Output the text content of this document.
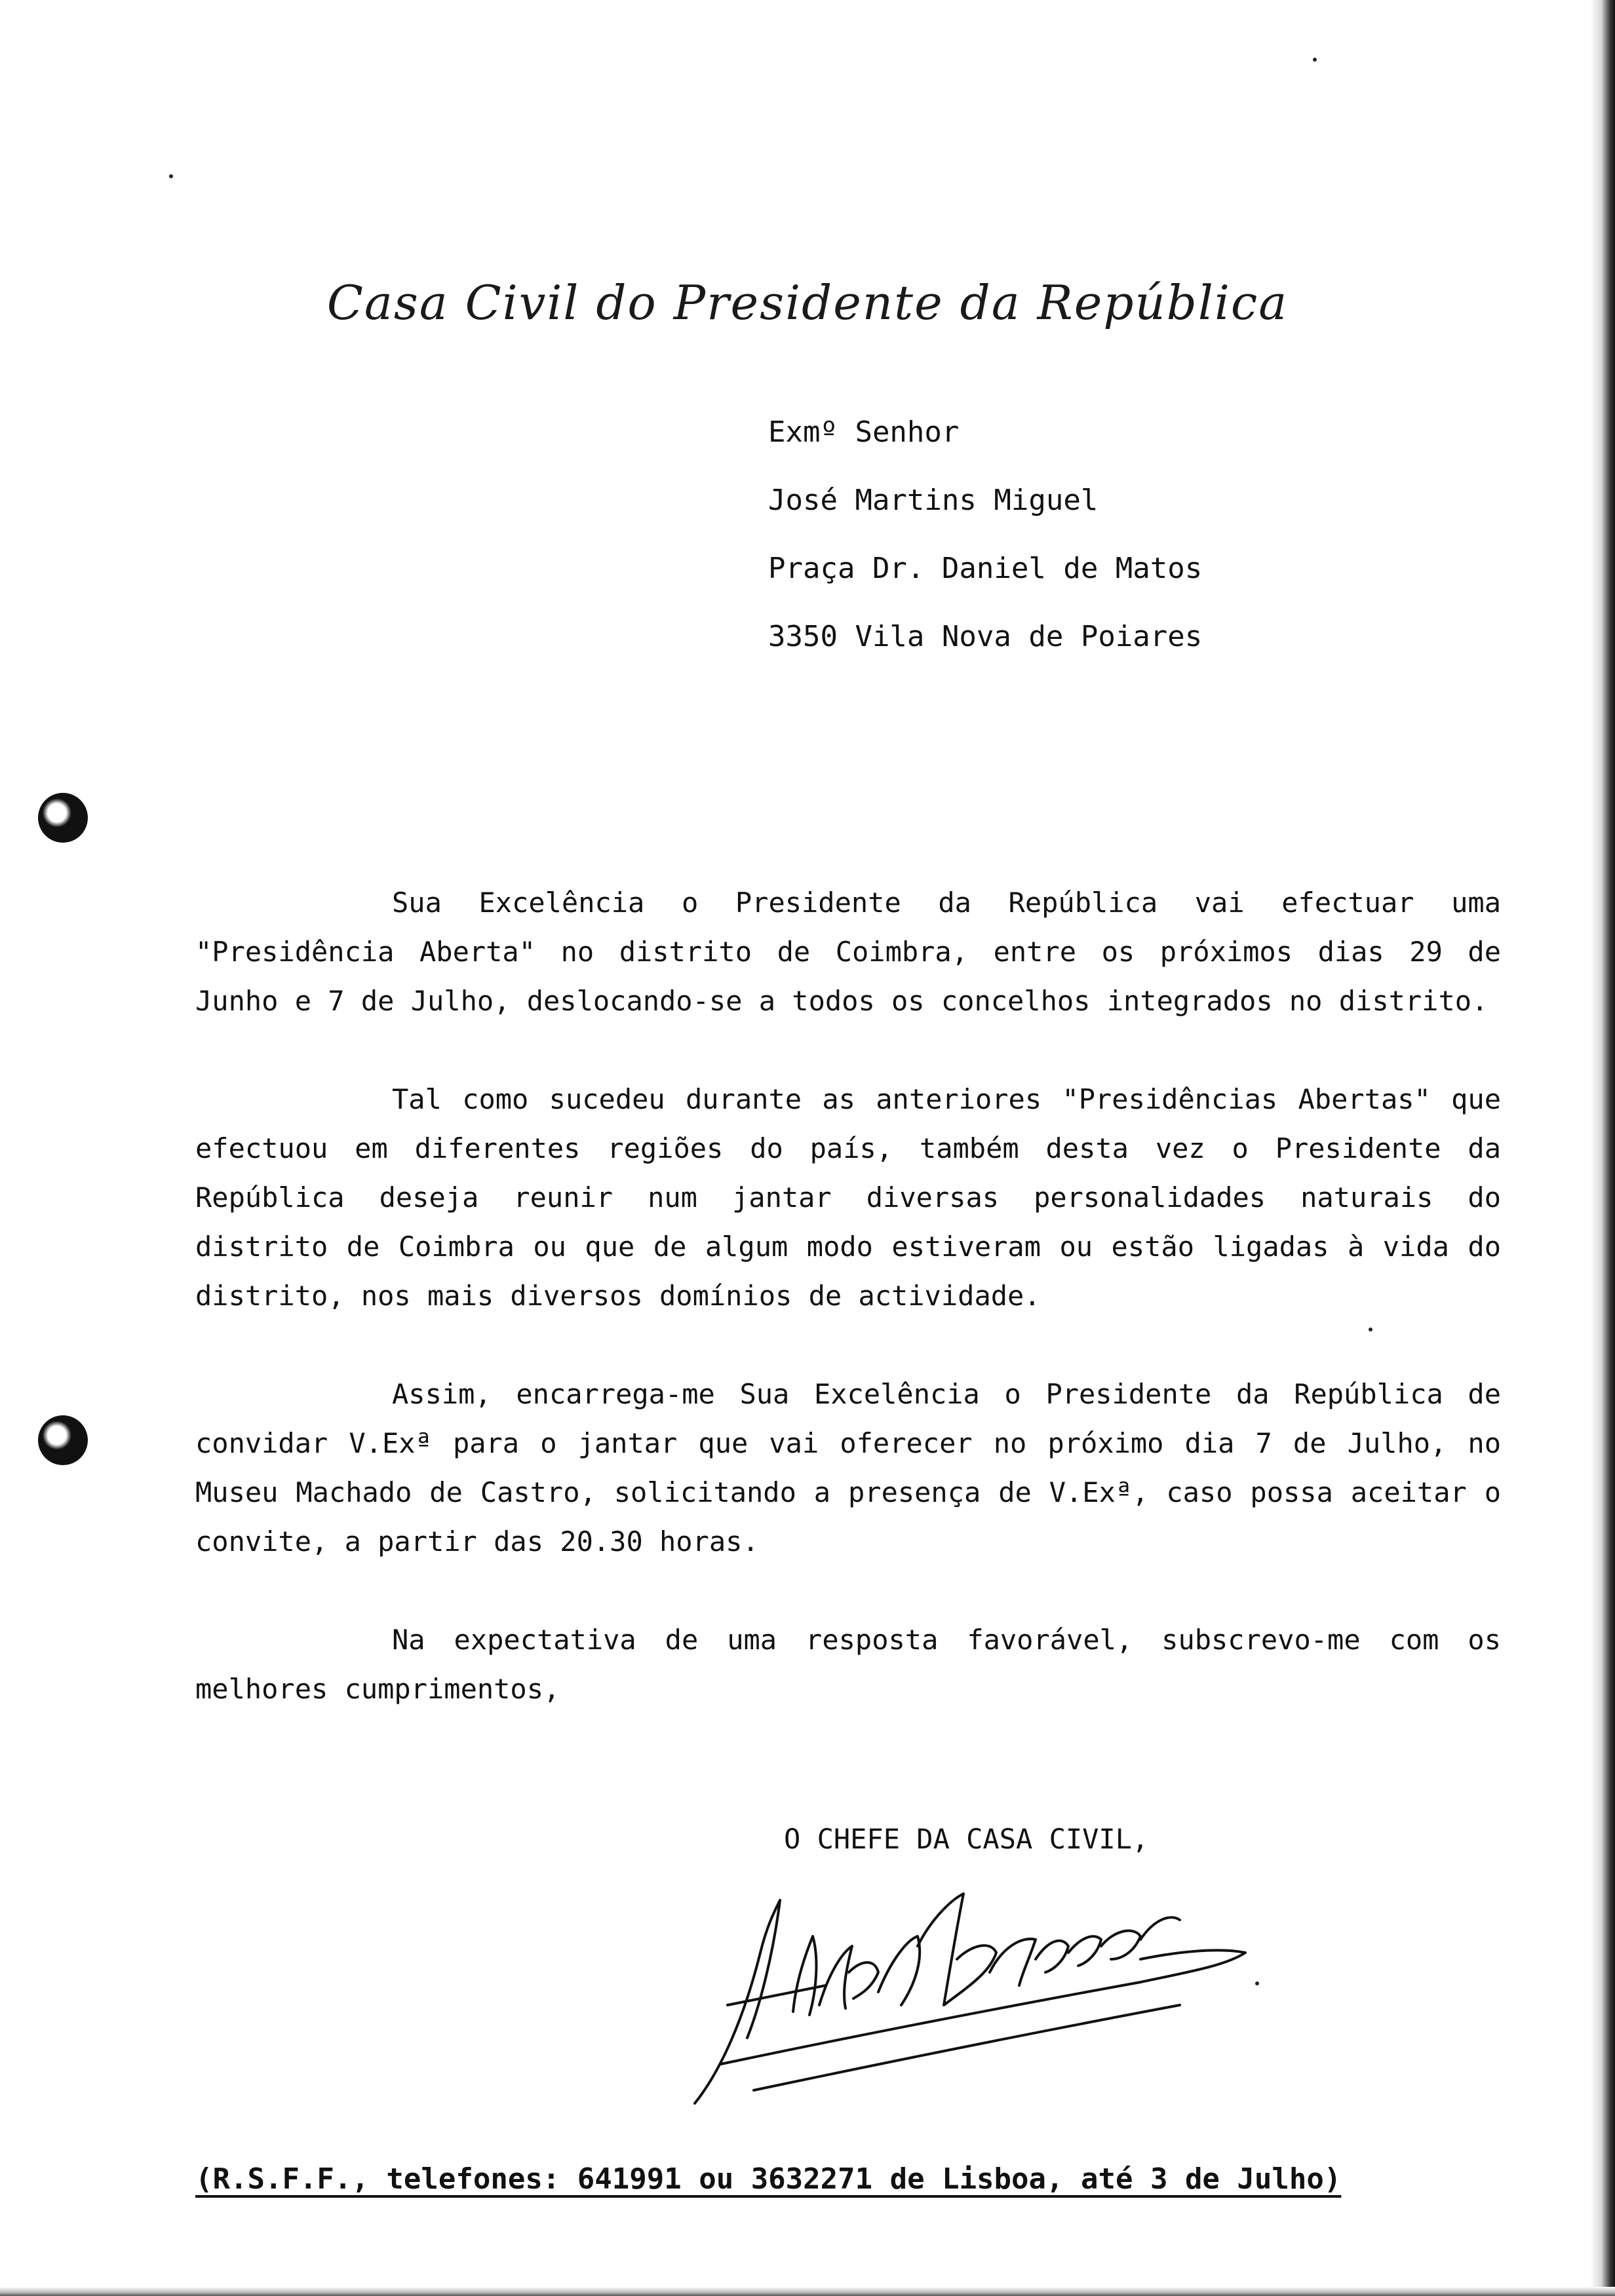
Casa Civil do Presidente da República
Exmº Senhor
José Martins Miguel
Praça Dr. Daniel de Matos
3350 Vila Nova de Poiares

Sua Excelência o Presidente da República vai efectuar uma "Presidência Aberta" no distrito de Coimbra, entre os próximos dias 29 de Junho e 7 de Julho, deslocando-se a todos os concelhos integrados no distrito.

Tal como sucedeu durante as anteriores "Presidências Abertas" que efectuou em diferentes regiões do país, também desta vez o Presidente da República deseja reunir num jantar diversas personalidades naturais do distrito de Coimbra ou que de algum modo estiveram ou estão ligadas à vida do distrito, nos mais diversos domínios de actividade.

Assim, encarrega-me Sua Excelência o Presidente da República de convidar V.Exª para o jantar que vai oferecer no próximo dia 7 de Julho, no Museu Machado de Castro, solicitando a presença de V.Exª, caso possa aceitar o convite, a partir das 20.30 horas.

Na expectativa de uma resposta favorável, subscrevo-me com os melhores cumprimentos,

O CHEFE DA CASA CIVIL,
(R.S.F.F., telefones: 641991 ou 3632271 de Lisboa, até 3 de Julho)
